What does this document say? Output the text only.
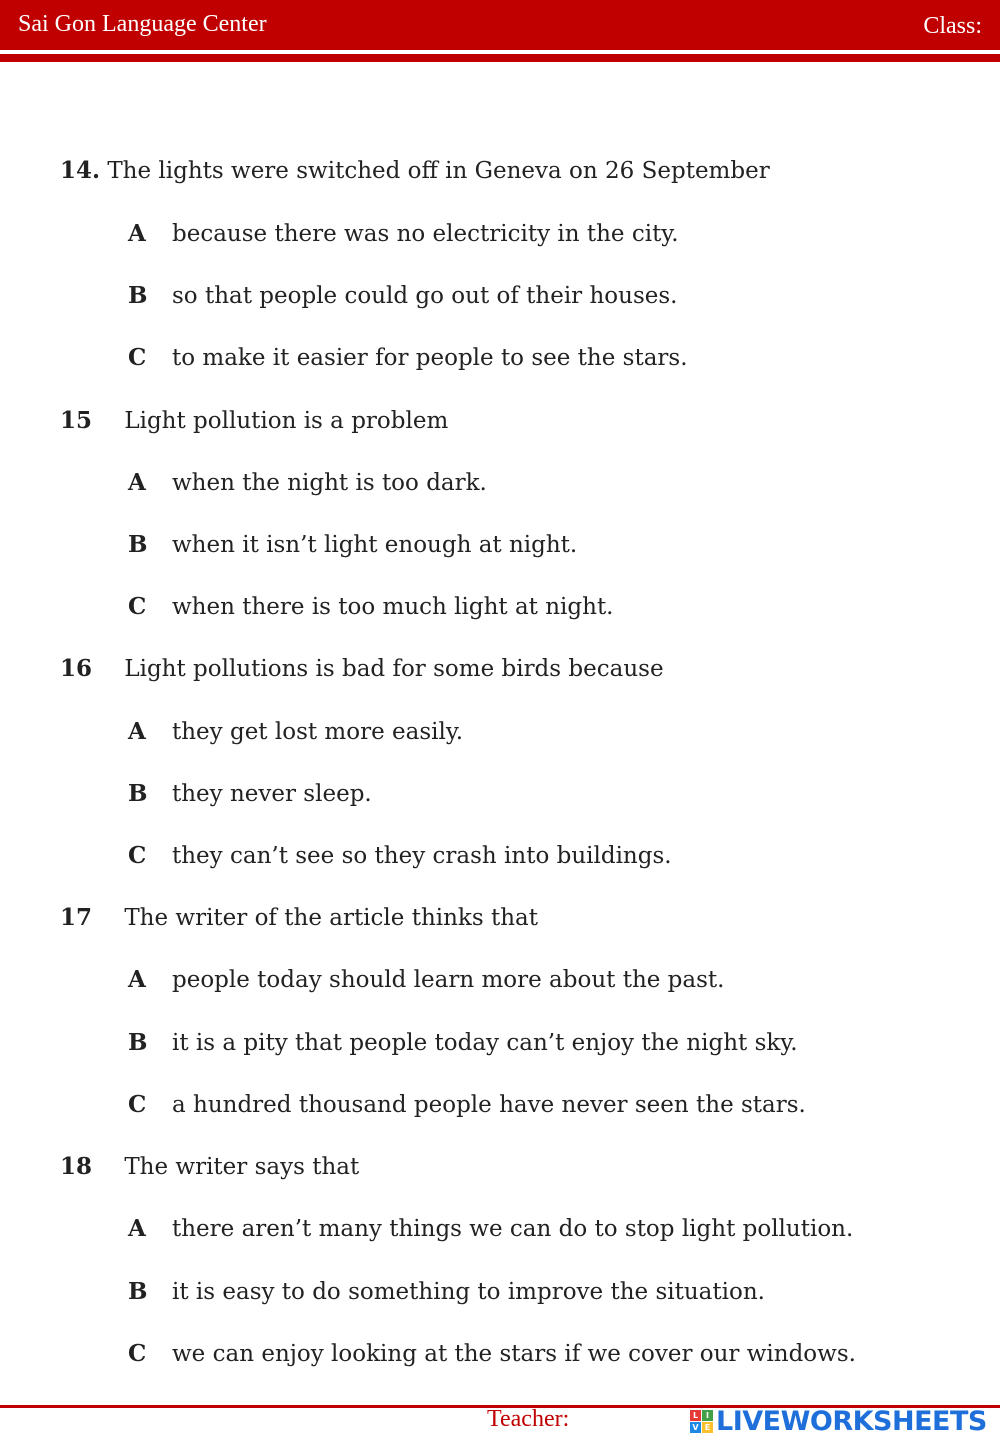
Sai Gon Language Center	Class:
14. The lights were switched off in Geneva on 26 September
A because there was no electricity in the city.
B so that people could go out of their houses.
C to make it easier for people to see the stars.
15 Light pollution is a problem
A when the night is too dark.
B when it isn’t light enough at night.
C when there is too much light at night.
16 Light pollutions is bad for some birds because
A they get lost more easily.
B they never sleep.
C they can’t see so they crash into buildings.
17 The writer of the article thinks that
A people today should learn more about the past.
B it is a pity that people today can’t enjoy the night sky.
C a hundred thousand people have never seen the stars.
18 The writer says that
A there aren’t many things we can do to stop light pollution.
B it is easy to do something to improve the situation.
C we can enjoy looking at the stars if we cover our windows.
Teacher:	L I
V E LIVEWORKSHEETS
